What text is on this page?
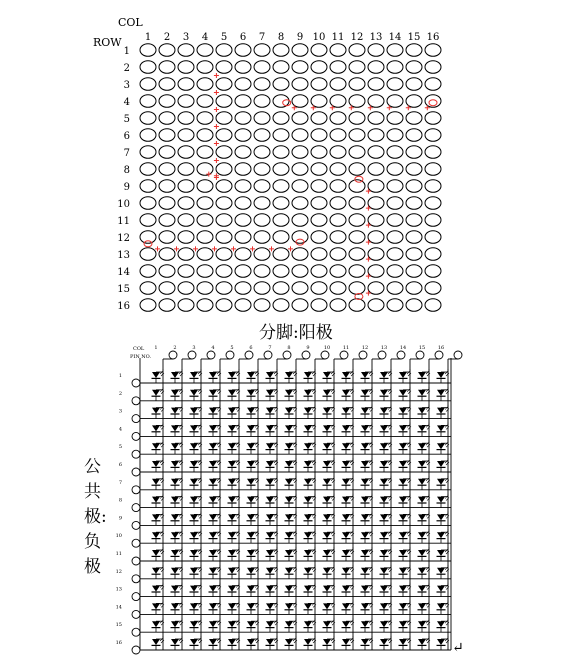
COL
ROW 1 2 3 4 5 6 7 8 9 10 11 12 13 14 15 16
1
2
3
4
5
6
7
8
9
10
11
12
13
14
15
16
分脚:阳极
COL
PIN NO.
1	2	3	4	5	6	7	8	9	10	11	12	13	14	15	16
1
2
3
4
5
6
7
8
9
10
11
12
13
14
15
16
公
共
极:
负
极
↵
